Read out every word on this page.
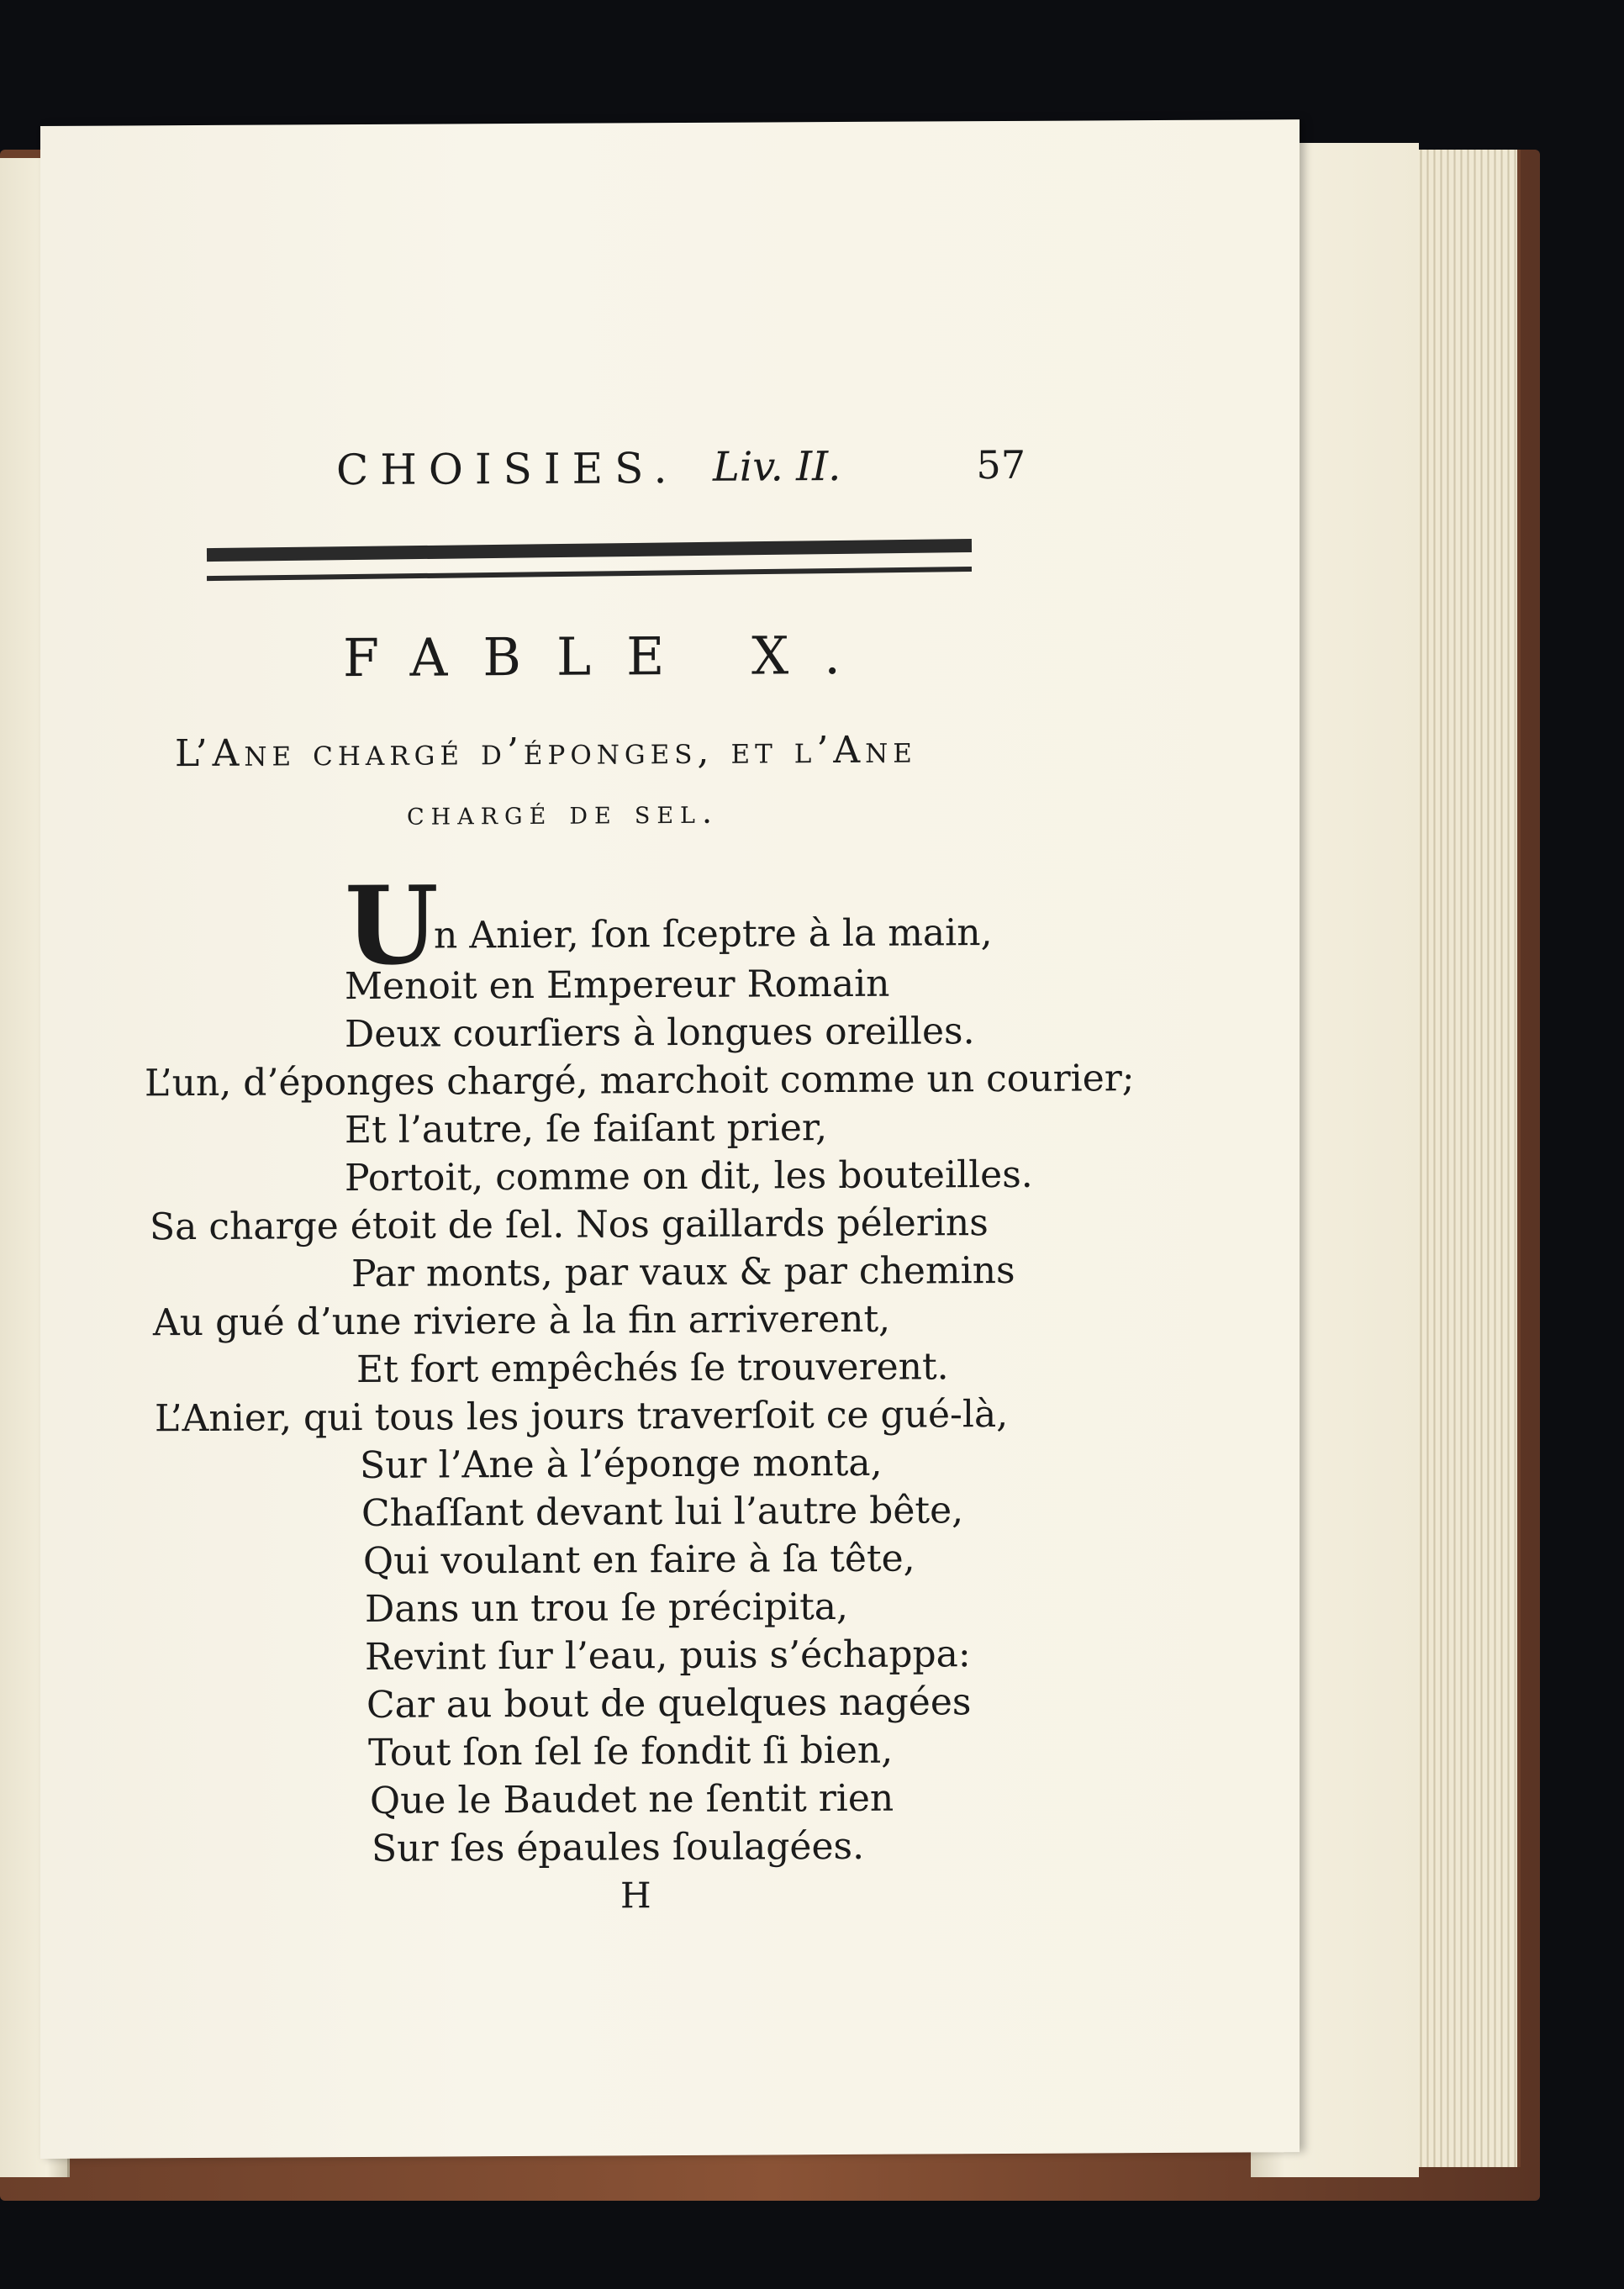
CHOISIES. Liv. II.	57
FABLE X.
L’Ane chargé d’éponges, et l’Ane
chargé de sel.
U
n Anier, ſon ſceptre à la main,
Menoit en Empereur Romain
Deux courſiers à longues oreilles.
L’un, d’éponges chargé, marchoit comme un courier;
Et l’autre, ſe faiſant prier,
Portoit, comme on dit, les bouteilles.
Sa charge étoit de ſel. Nos gaillards pélerins
Par monts, par vaux & par chemins
Au gué d’une riviere à la fin arriverent,
Et fort empêchés ſe trouverent.
L’Anier, qui tous les jours traverſoit ce gué-là,
Sur l’Ane à l’éponge monta,
Chaſſant devant lui l’autre bête,
Qui voulant en faire à ſa tête,
Dans un trou ſe précipita,
Revint ſur l’eau, puis s’échappa:
Car au bout de quelques nagées
Tout ſon ſel ſe fondit ſi bien,
Que le Baudet ne ſentit rien
Sur ſes épaules ſoulagées.
H
